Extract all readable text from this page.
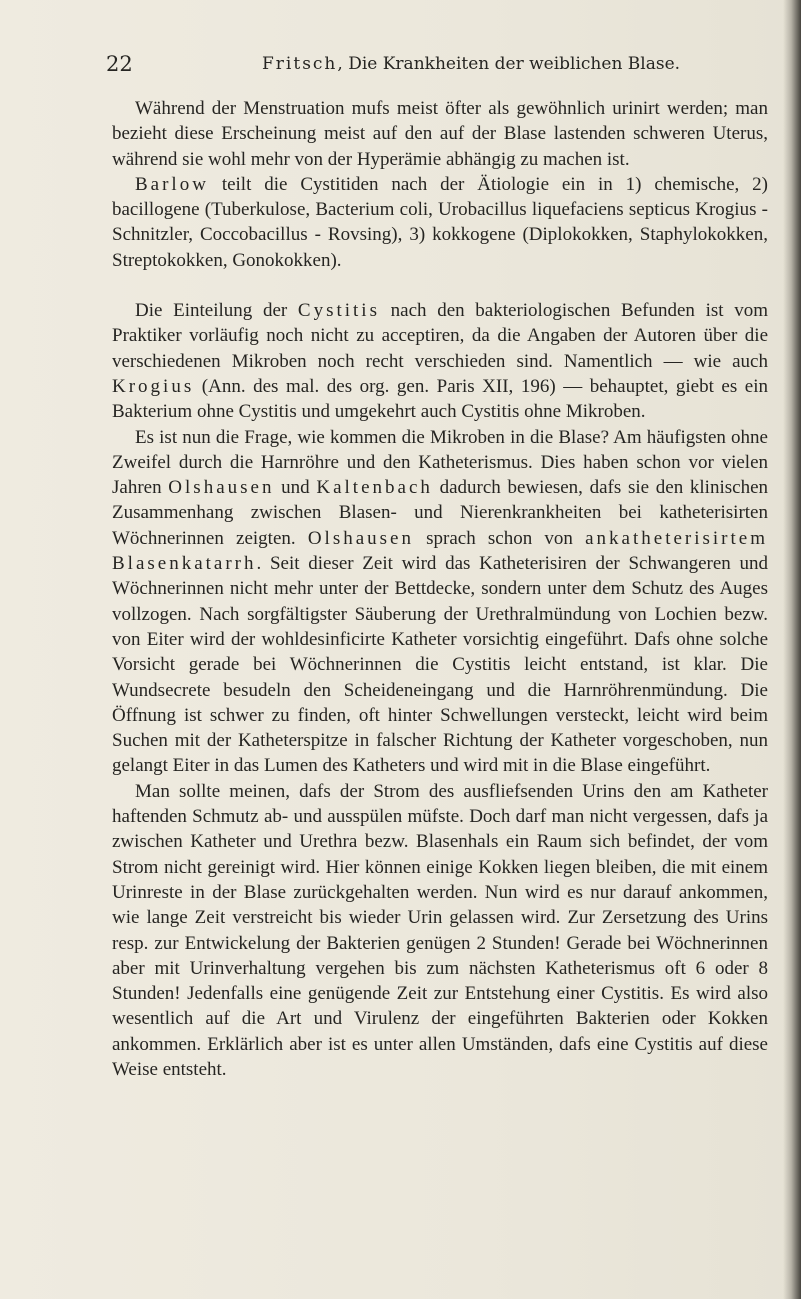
22	Fritsch, Die Krankheiten der weiblichen Blase.

Während der Menstruation mufs meist öfter als gewöhnlich urinirt werden; man bezieht diese Erscheinung meist auf den auf der Blase lastenden schweren Uterus, während sie wohl mehr von der Hyperämie abhängig zu machen ist.

Barlow teilt die Cystitiden nach der Ätiologie ein in 1) chemische, 2) bacillogene (Tuberkulose, Bacterium coli, Urobacillus liquefaciens septicus Krogius - Schnitzler, Coccobacillus - Rovsing), 3) kokkogene (Diplokokken, Staphylokokken, Streptokokken, Gonokokken).

Die Einteilung der Cystitis nach den bakteriologischen Befunden ist vom Praktiker vorläufig noch nicht zu acceptiren, da die Angaben der Autoren über die verschiedenen Mikroben noch recht verschieden sind. Namentlich — wie auch Krogius (Ann. des mal. des org. gen. Paris XII, 196) — behauptet, giebt es ein Bakterium ohne Cystitis und umgekehrt auch Cystitis ohne Mikroben.

Es ist nun die Frage, wie kommen die Mikroben in die Blase? Am häufigsten ohne Zweifel durch die Harnröhre und den Katheterismus. Dies haben schon vor vielen Jahren Olshausen und Kaltenbach dadurch bewiesen, dafs sie den klinischen Zusammenhang zwischen Blasen- und Nierenkrankheiten bei katheterisirten Wöchnerinnen zeigten. Olshausen sprach schon von ankatheterisirtem Blasenkatarrh. Seit dieser Zeit wird das Katheterisiren der Schwangeren und Wöchnerinnen nicht mehr unter der Bettdecke, sondern unter dem Schutz des Auges vollzogen. Nach sorgfältigster Säuberung der Urethralmündung von Lochien bezw. von Eiter wird der wohldesinficirte Katheter vorsichtig eingeführt. Dafs ohne solche Vorsicht gerade bei Wöchnerinnen die Cystitis leicht entstand, ist klar. Die Wundsecrete besudeln den Scheideneingang und die Harnröhrenmündung. Die Öffnung ist schwer zu finden, oft hinter Schwellungen versteckt, leicht wird beim Suchen mit der Katheterspitze in falscher Richtung der Katheter vorgeschoben, nun gelangt Eiter in das Lumen des Katheters und wird mit in die Blase eingeführt.

Man sollte meinen, dafs der Strom des ausfliefsenden Urins den am Katheter haftenden Schmutz ab- und ausspülen müfste. Doch darf man nicht vergessen, dafs ja zwischen Katheter und Urethra bezw. Blasenhals ein Raum sich befindet, der vom Strom nicht gereinigt wird. Hier können einige Kokken liegen bleiben, die mit einem Urinreste in der Blase zurückgehalten werden. Nun wird es nur darauf ankommen, wie lange Zeit verstreicht bis wieder Urin gelassen wird. Zur Zersetzung des Urins resp. zur Entwickelung der Bakterien genügen 2 Stunden! Gerade bei Wöchnerinnen aber mit Urinverhaltung vergehen bis zum nächsten Katheterismus oft 6 oder 8 Stunden! Jedenfalls eine genügende Zeit zur Entstehung einer Cystitis. Es wird also wesentlich auf die Art und Virulenz der eingeführten Bakterien oder Kokken ankommen. Erklärlich aber ist es unter allen Umständen, dafs eine Cystitis auf diese Weise entsteht.
